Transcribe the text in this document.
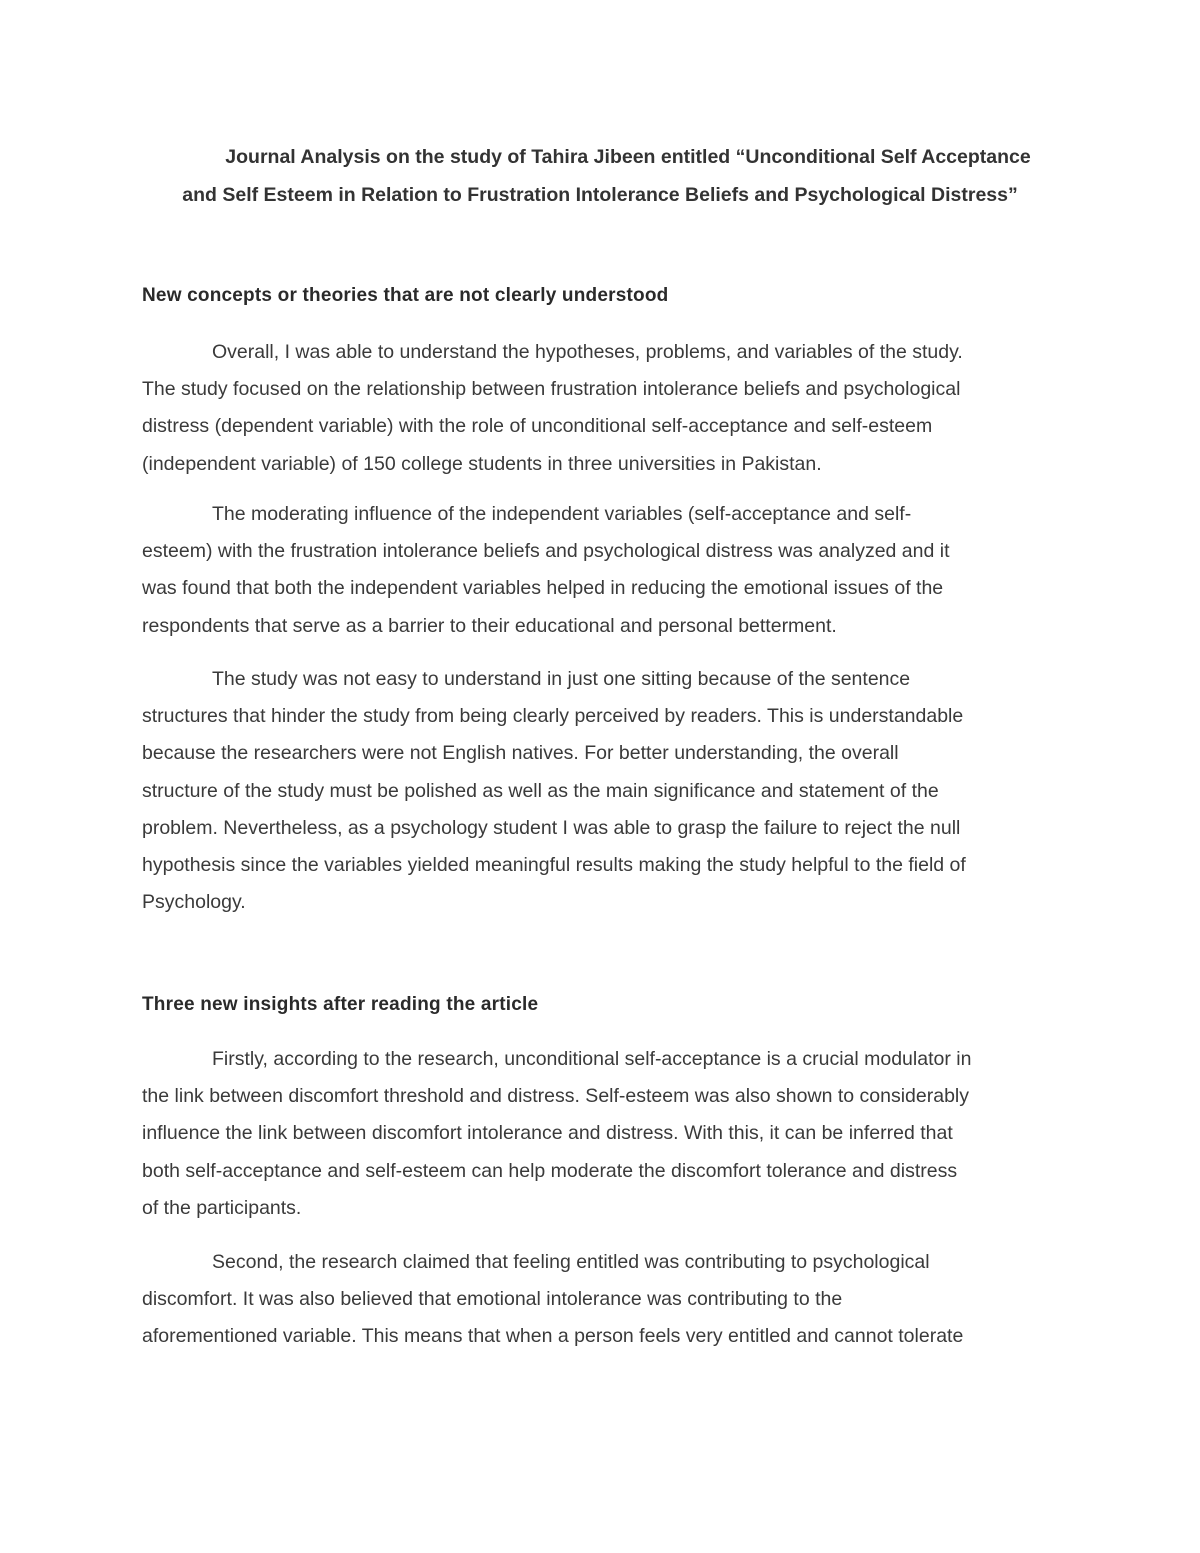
Journal Analysis on the study of Tahira Jibeen entitled “Unconditional Self Acceptance
and Self Esteem in Relation to Frustration Intolerance Beliefs and Psychological Distress”
New concepts or theories that are not clearly understood

Overall, I was able to understand the hypotheses, problems, and variables of the study.
The study focused on the relationship between frustration intolerance beliefs and psychological
distress (dependent variable) with the role of unconditional self-acceptance and self-esteem
(independent variable) of 150 college students in three universities in Pakistan.

The moderating influence of the independent variables (self-acceptance and self-
esteem) with the frustration intolerance beliefs and psychological distress was analyzed and it
was found that both the independent variables helped in reducing the emotional issues of the
respondents that serve as a barrier to their educational and personal betterment.

The study was not easy to understand in just one sitting because of the sentence
structures that hinder the study from being clearly perceived by readers. This is understandable
because the researchers were not English natives. For better understanding, the overall
structure of the study must be polished as well as the main significance and statement of the
problem. Nevertheless, as a psychology student I was able to grasp the failure to reject the null
hypothesis since the variables yielded meaningful results making the study helpful to the field of
Psychology.

Three new insights after reading the article

Firstly, according to the research, unconditional self-acceptance is a crucial modulator in
the link between discomfort threshold and distress. Self-esteem was also shown to considerably
influence the link between discomfort intolerance and distress. With this, it can be inferred that
both self-acceptance and self-esteem can help moderate the discomfort tolerance and distress
of the participants.

Second, the research claimed that feeling entitled was contributing to psychological
discomfort. It was also believed that emotional intolerance was contributing to the
aforementioned variable. This means that when a person feels very entitled and cannot tolerate
